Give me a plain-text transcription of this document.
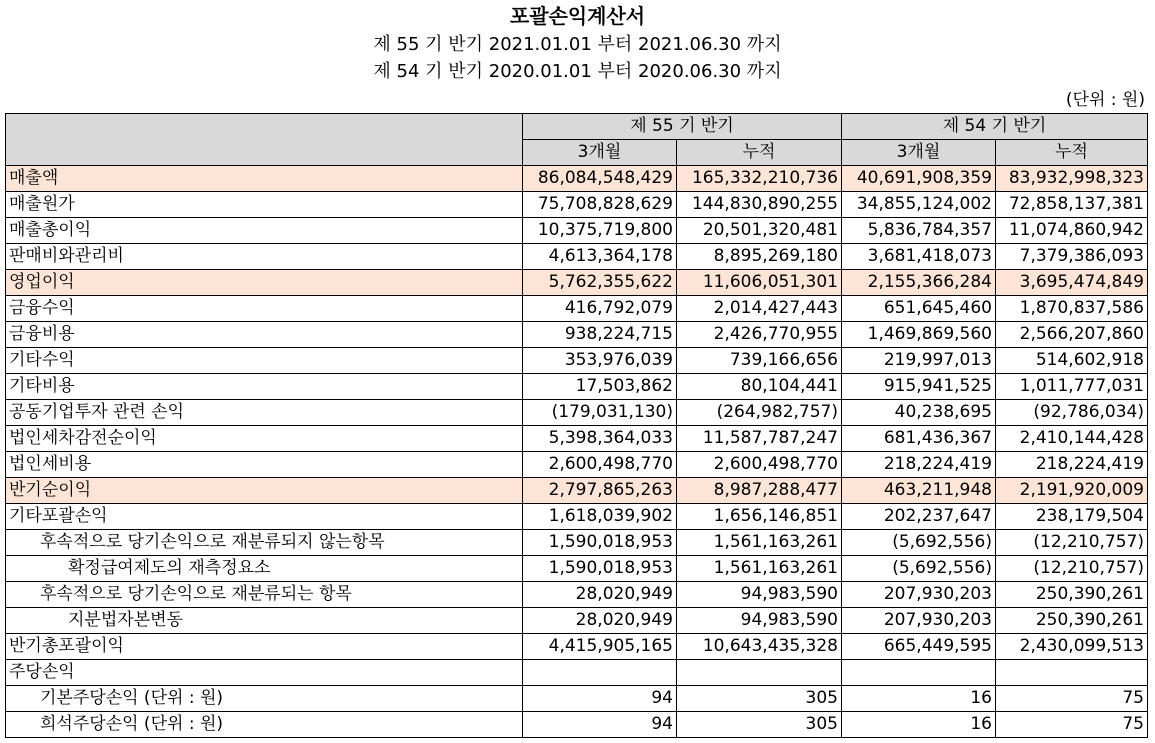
포괄손익계산서
제 55 기 반기 2021.01.01 부터 2021.06.30 까지
제 54 기 반기 2020.01.01 부터 2020.06.30 까지
(단위 : 원)
	제 55 기 반기		제 54 기 반기	
	3개월	누적	3개월	누적
매출액	86,084,548,429	165,332,210,736	40,691,908,359	83,932,998,323
매출원가	75,708,828,629	144,830,890,255	34,855,124,002	72,858,137,381
매출총이익	10,375,719,800	20,501,320,481	5,836,784,357	11,074,860,942
판매비와관리비	4,613,364,178	8,895,269,180	3,681,418,073	7,379,386,093
영업이익	5,762,355,622	11,606,051,301	2,155,366,284	3,695,474,849
금융수익	416,792,079	2,014,427,443	651,645,460	1,870,837,586
금융비용	938,224,715	2,426,770,955	1,469,869,560	2,566,207,860
기타수익	353,976,039	739,166,656	219,997,013	514,602,918
기타비용	17,503,862	80,104,441	915,941,525	1,011,777,031
공동기업투자 관련 손익	(179,031,130)	(264,982,757)	40,238,695	(92,786,034)
법인세차감전순이익	5,398,364,033	11,587,787,247	681,436,367	2,410,144,428
법인세비용	2,600,498,770	2,600,498,770	218,224,419	218,224,419
반기순이익	2,797,865,263	8,987,288,477	463,211,948	2,191,920,009
기타포괄손익	1,618,039,902	1,656,146,851	202,237,647	238,179,504
후속적으로 당기손익으로 재분류되지 않는항목	1,590,018,953	1,561,163,261	(5,692,556)	(12,210,757)
확정급여제도의 재측정요소	1,590,018,953	1,561,163,261	(5,692,556)	(12,210,757)
후속적으로 당기손익으로 재분류되는 항목	28,020,949	94,983,590	207,930,203	250,390,261
지분법자본변동	28,020,949	94,983,590	207,930,203	250,390,261
반기총포괄이익	4,415,905,165	10,643,435,328	665,449,595	2,430,099,513
주당손익				
기본주당손익 (단위 : 원)	94	305	16	75
희석주당손익 (단위 : 원)	94	305	16	75
